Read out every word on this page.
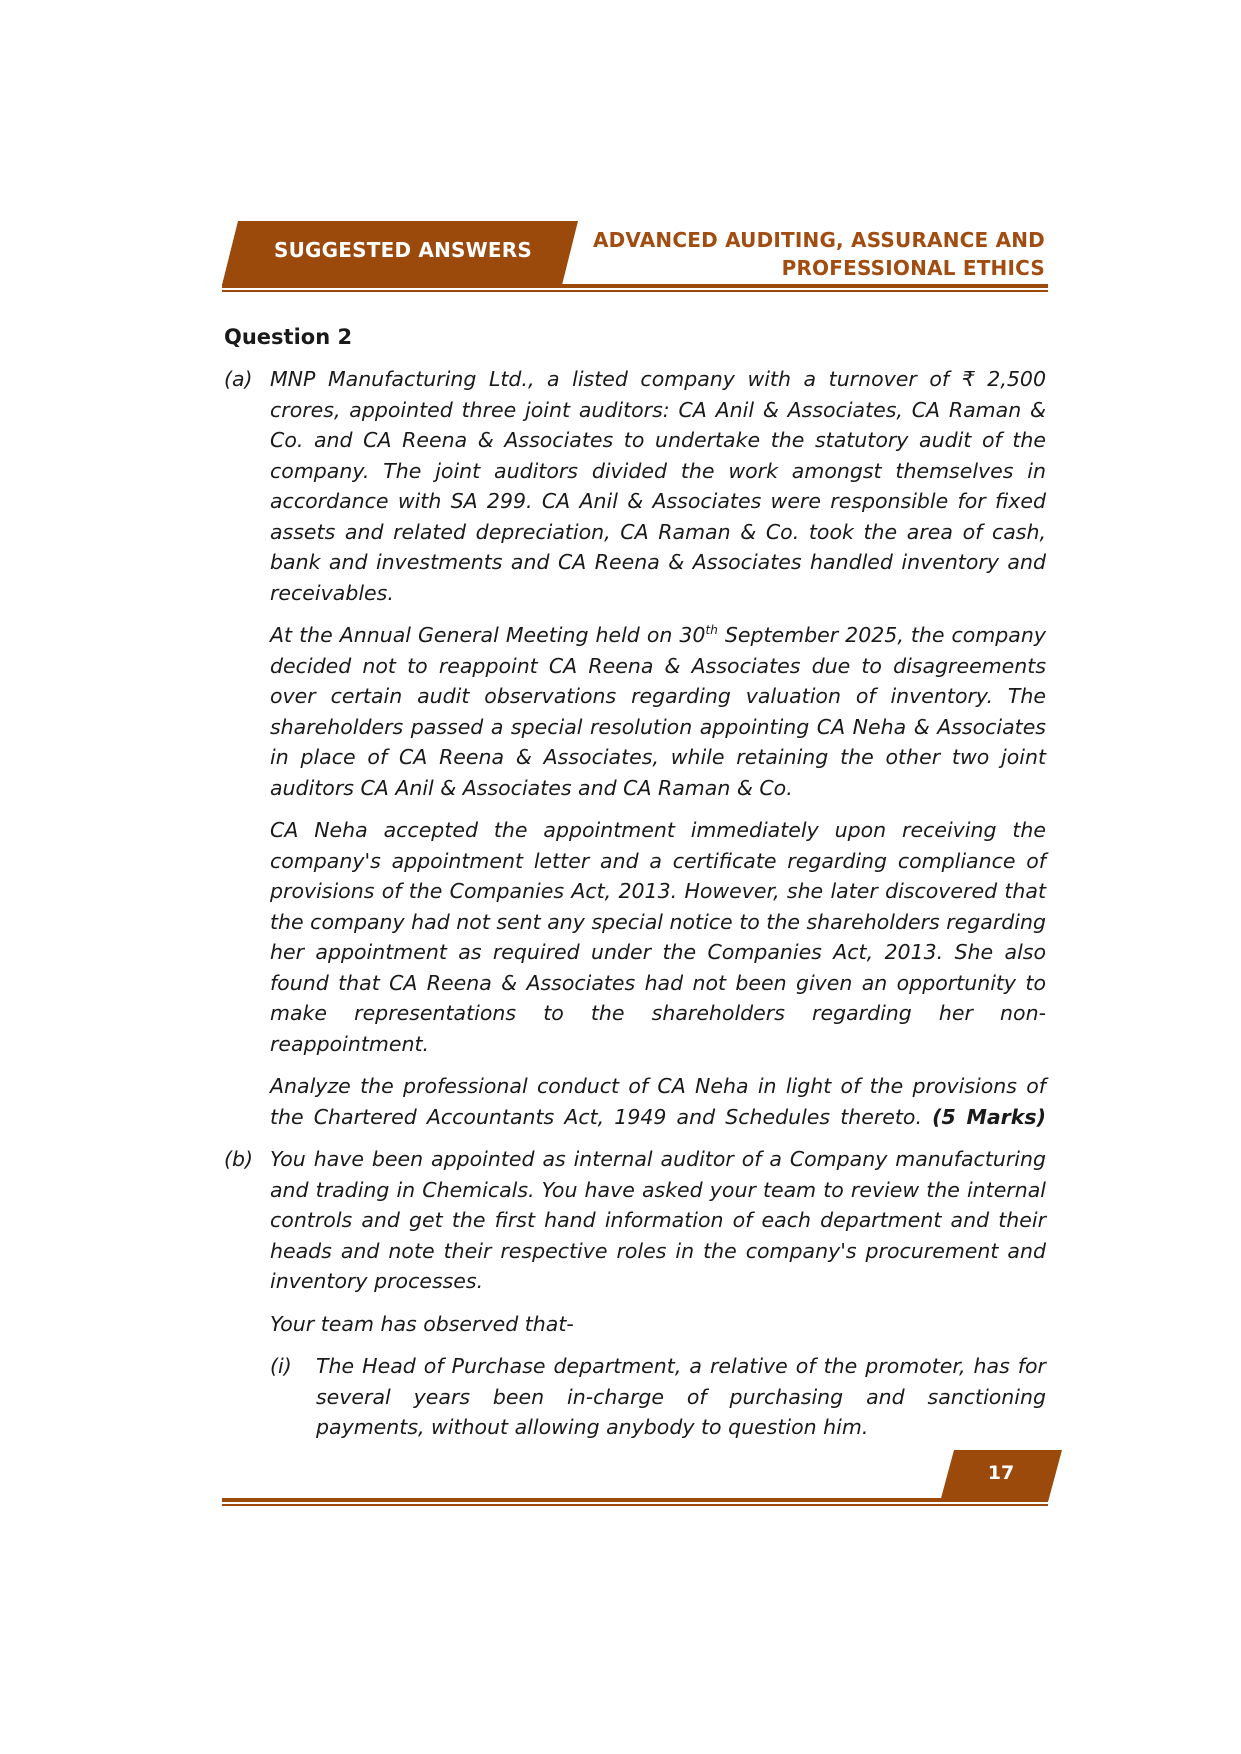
SUGGESTED ANSWERS	ADVANCED AUDITING, ASSURANCE AND
PROFESSIONAL ETHICS
Question 2
(a) MNP Manufacturing Ltd., a listed company with a turnover of ₹ 2,500 crores, appointed three joint auditors: CA Anil & Associates, CA Raman & Co. and CA Reena & Associates to undertake the statutory audit of the company. The joint auditors divided the work amongst themselves in accordance with SA 299. CA Anil & Associates were responsible for fixed assets and related depreciation, CA Raman & Co. took the area of cash, bank and investments and CA Reena & Associates handled inventory and receivables.

At the Annual General Meeting held on 30th September 2025, the company decided not to reappoint CA Reena & Associates due to disagreements over certain audit observations regarding valuation of inventory. The shareholders passed a special resolution appointing CA Neha & Associates in place of CA Reena & Associates, while retaining the other two joint auditors CA Anil & Associates and CA Raman & Co.

CA Neha accepted the appointment immediately upon receiving the company's appointment letter and a certificate regarding compliance of provisions of the Companies Act, 2013. However, she later discovered that the company had not sent any special notice to the shareholders regarding her appointment as required under the Companies Act, 2013. She also found that CA Reena & Associates had not been given an opportunity to make representations to the shareholders regarding her non-reappointment.

Analyze the professional conduct of CA Neha in light of the provisions of the Chartered Accountants Act, 1949 and Schedules thereto. (5 Marks)

(b) You have been appointed as internal auditor of a Company manufacturing and trading in Chemicals. You have asked your team to review the internal controls and get the first hand information of each department and their heads and note their respective roles in the company's procurement and inventory processes.

Your team has observed that-

(i) The Head of Purchase department, a relative of the promoter, has for several years been in-charge of purchasing and sanctioning payments, without allowing anybody to question him.

17
